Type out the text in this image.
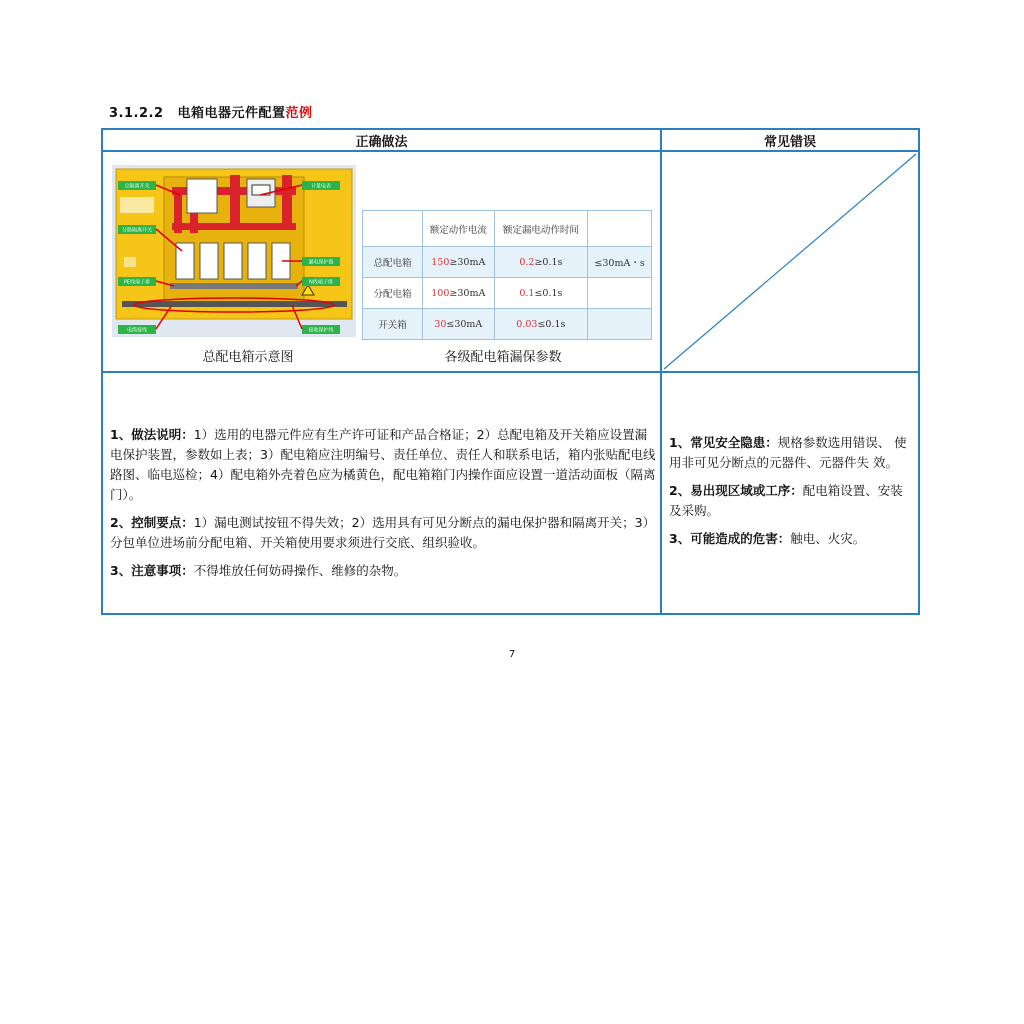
3.1.2.2 电箱电器元件配置范例
正确做法	常见错误
总隔离开关	计量电表
分路隔离开关
漏电保护器
PE线端子排	N线端子排
电缆接线	接地保护线
总配电箱示意图
	额定动作电流	额定漏电动作时间	
总配电箱	150≥30mA	0.2≥0.1s	≤30mA・s
分配电箱	100≥30mA	0.1≤0.1s	
开关箱	30≤30mA	0.03≤0.1s	
各级配电箱漏保参数

1、做法说明：1）选用的电器元件应有生产许可证和产品合格证；2）总配电箱及开关箱应设置漏电保护装置，参数如上表；3）配电箱应注明编号、责任单位、责任人和联系电话，箱内张贴配电线路图、临电巡检；4）配电箱外壳着色应为橘黄色，配电箱箱门内操作面应设置一道活动面板（隔离门）。

2、控制要点：1）漏电测试按钮不得失效；2）选用具有可见分断点的漏电保护器和隔离开关；3）分包单位进场前分配电箱、开关箱使用要求须进行交底、组织验收。

3、注意事项：不得堆放任何妨碍操作、维修的杂物。

1、常见安全隐患：规格参数选用错误、 使用非可见分断点的元器件、元器件失 效。

2、易出现区域或工序：配电箱设置、安装及采购。

3、可能造成的危害：触电、火灾。

7
